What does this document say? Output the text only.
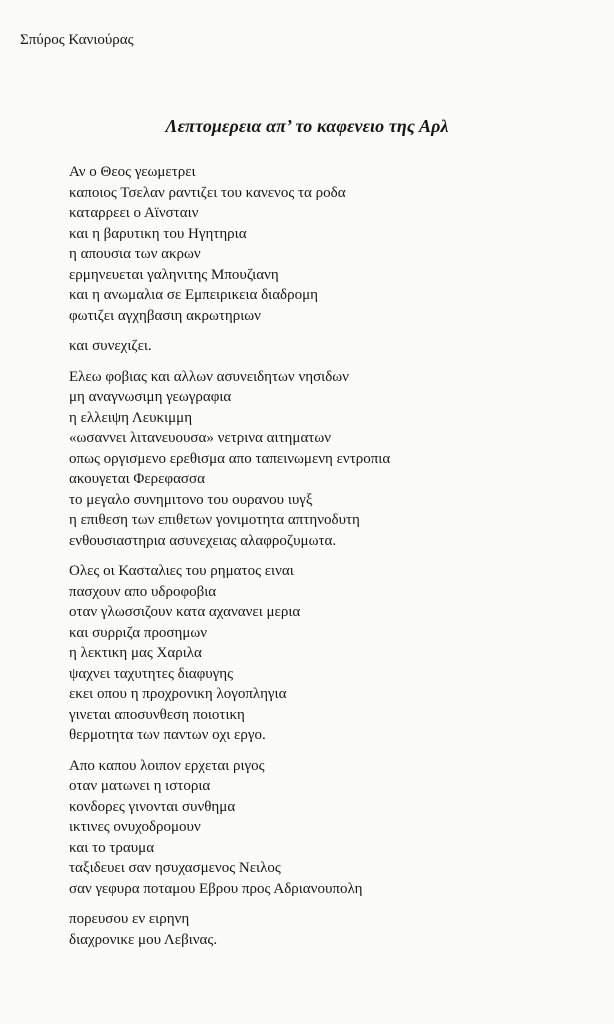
Σπύρος Κανιούρας
Λεπτομερεια απ’ το καφενειο της Αρλ
Αν ο Θεος γεωμετρει
καποιος Τσελαν ραντιζει του κανενος τα ροδα
καταρρεει ο Αϊνσταιν
και η βαρυτικη του Ηγητηρια
η απουσια των ακρων
ερμηνευεται γαληνιτης Μπουζιανη
και η ανωμαλια σε Εμπειρικεια διαδρομη
φωτιζει αγχηβασιη ακρωτηριων
και συνεχιζει.
Ελεω φοβιας και αλλων ασυνειδητων νησιδων
μη αναγνωσιμη γεωγραφια
η ελλειψη Λευκιμμη
«ωσαννει λιτανευουσα» νετρινα αιτηματων
οπως οργισμενο ερεθισμα απο ταπεινωμενη εντροπια
ακουγεται Φερεφασσα
το μεγαλο συνημιτονο του ουρανου ιυγξ
η επιθεση των επιθετων γονιμοτητα απτηνοδυτη
ενθουσιαστηρια ασυνεχειας αλαφροζυμωτα.
Ολες οι Κασταλιες του ρηματος ειναι
πασχουν απο υδροφοβια
οταν γλωσσιζουν κατα αχανανει μερια
και συρριζα προσημων
η λεκτικη μας Χαριλα
ψαχνει ταχυτητες διαφυγης
εκει οπου η προχρονικη λογοπληγια
γινεται αποσυνθεση ποιοτικη
θερμοτητα των παντων οχι εργο.
Απο καπου λοιπον ερχεται ριγος
οταν ματωνει η ιστορια
κονδορες γινονται συνθημα
ικτινες ονυχοδρομουν
και το τραυμα
ταξιδευει σαν ησυχασμενος Νειλος
σαν γεφυρα ποταμου Εβρου προς Αδριανουπολη
πορευσου εν ειρηνη
διαχρονικε μου Λεβινας.
